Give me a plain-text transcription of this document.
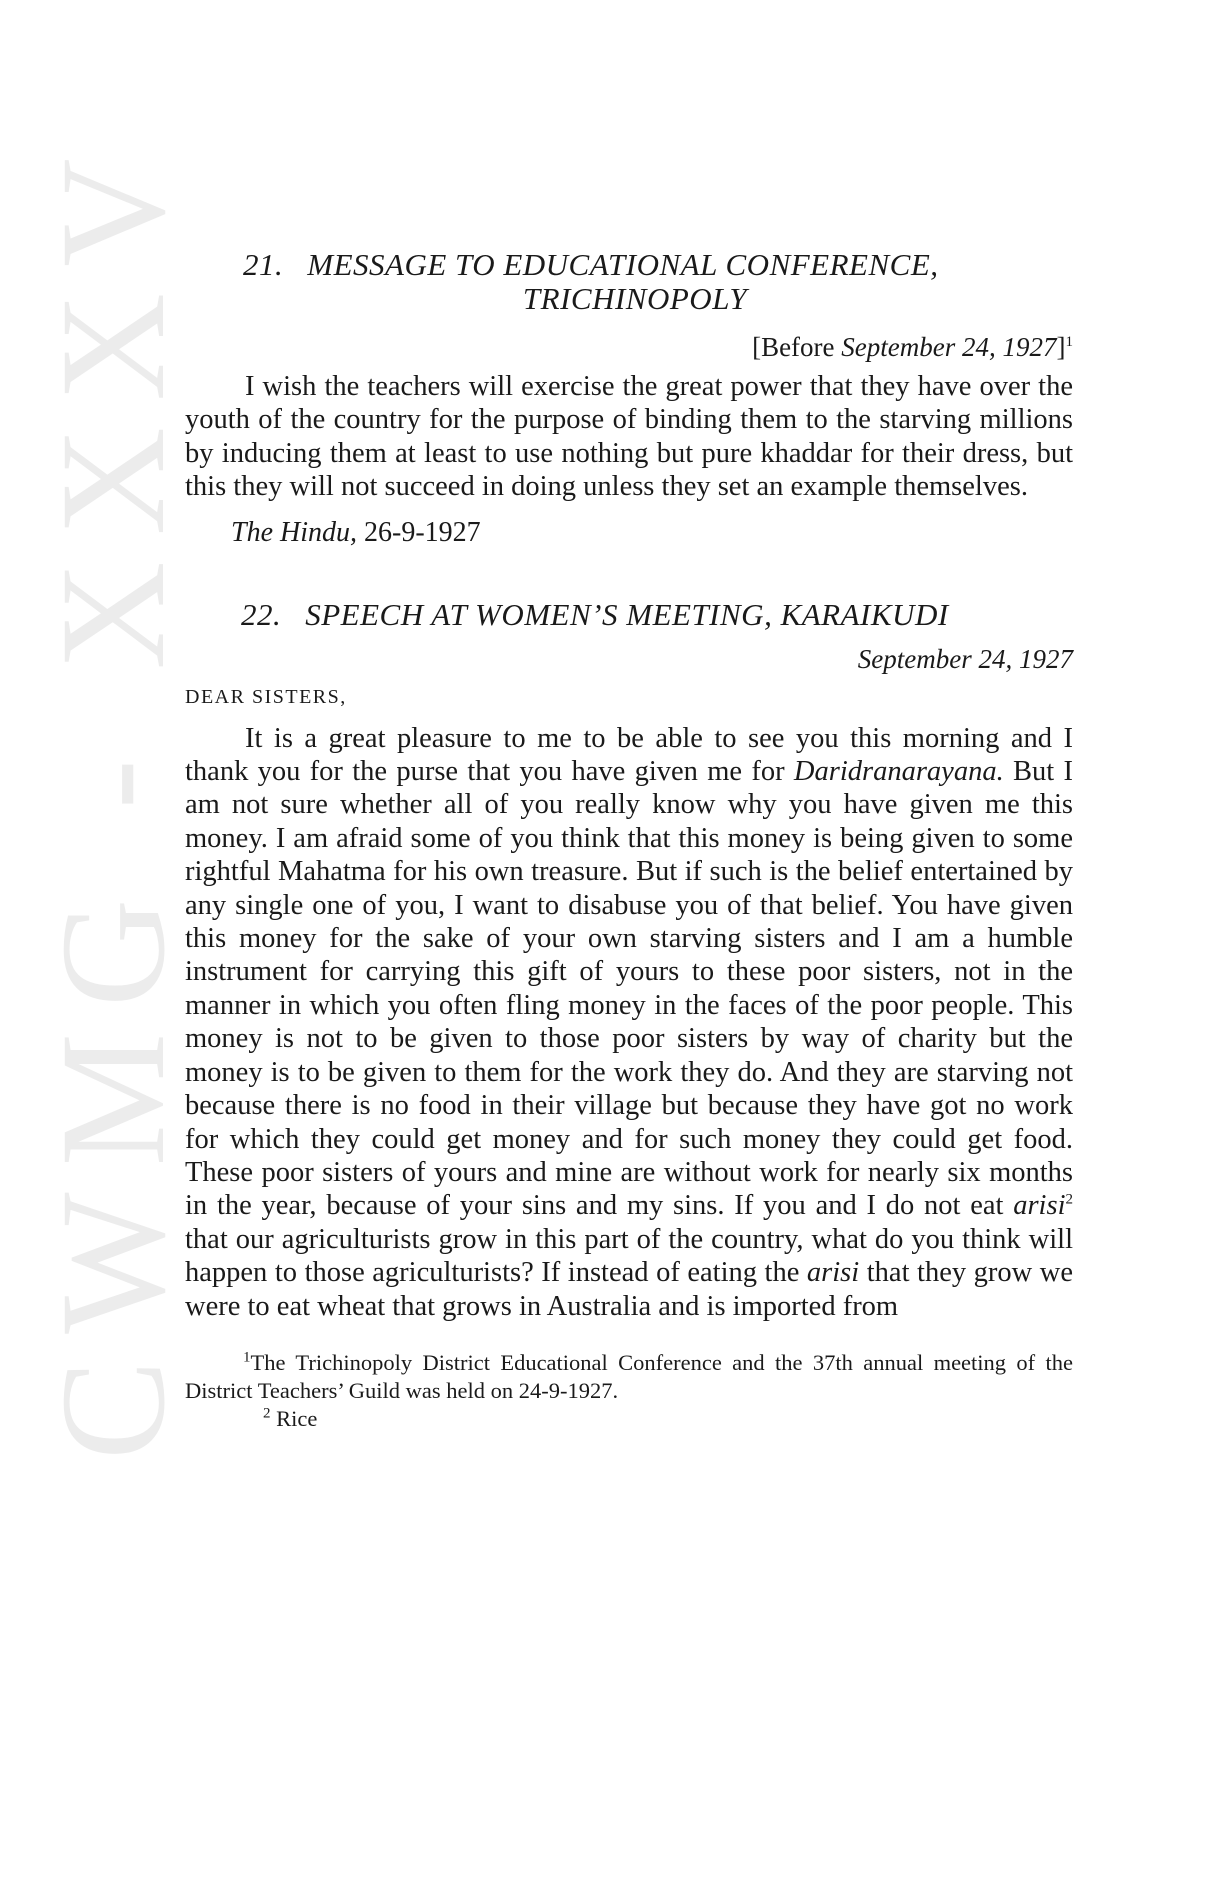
CWMG - XXXV	21. MESSAGE TO EDUCATIONAL CONFERENCE,
TRICHINOPOLY
[Before September 24, 1927]$^1$

I wish the teachers will exercise the great power that they have over the youth of the country for the purpose of binding them to the starving millions by inducing them at least to use nothing but pure khaddar for their dress, but this they will not succeed in doing unless they set an example themselves.

The Hindu, 26-9-1927
22. SPEECH AT WOMEN’S MEETING, KARAIKUDI
September 24, 1927
DEAR SISTERS,

It is a great pleasure to me to be able to see you this morning and I thank you for the purse that you have given me for Daridranarayana. But I am not sure whether all of you really know why you have given me this money. I am afraid some of you think that this money is being given to some rightful Mahatma for his own treasure. But if such is the belief entertained by any single one of you, I want to disabuse you of that belief. You have given this money for the sake of your own starving sisters and I am a humble instrument for carrying this gift of yours to these poor sisters, not in the manner in which you often fling money in the faces of the poor people. This money is not to be given to those poor sisters by way of charity but the money is to be given to them for the work they do. And they are starving not because there is no food in their village but because they have got no work for which they could get money and for such money they could get food. These poor sisters of yours and mine are without work for nearly six months in the year, because of your sins and my sins. If you and I do not eat arisi$^2$ that our agriculturists grow in this part of the country, what do you think will happen to those agriculturists? If instead of eating the arisi that they grow we were to eat wheat that grows in Australia and is imported from

$^1$The Trichinopoly District Educational Conference and the 37th annual meeting of the District Teachers’ Guild was held on 24-9-1927.

$^2$ Rice
